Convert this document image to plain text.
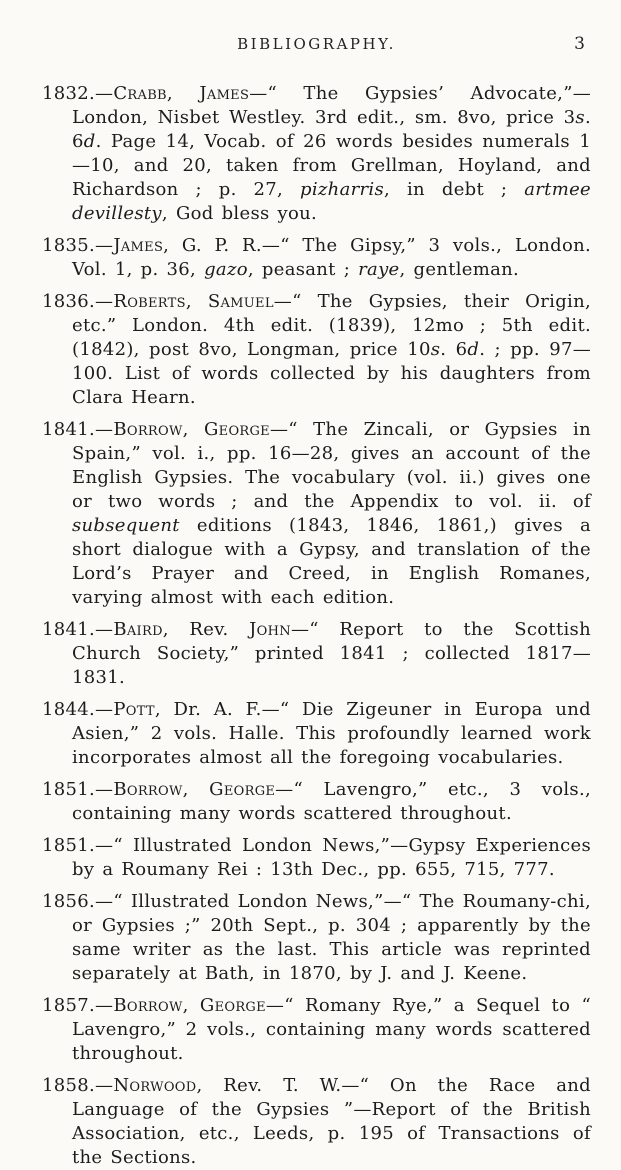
BIBLIOGRAPHY.	3

1832.—Crabb, James—“ The Gypsies’ Advocate,”—London, Nisbet Westley. 3rd edit., sm. 8vo, price 3s. 6d. Page 14, Vocab. of 26 words besides numerals 1—10, and 20, taken from Grellman, Hoyland, and Richardson ; p. 27, pizharris, in debt ; artmee devillesty, God bless you.

1835.—James, G. P. R.—“ The Gipsy,” 3 vols., London. Vol. 1, p. 36, gazo, peasant ; raye, gentleman.

1836.—Roberts, Samuel—“ The Gypsies, their Origin, etc.” London. 4th edit. (1839), 12mo ; 5th edit. (1842), post 8vo, Longman, price 10s. 6d. ; pp. 97—100. List of words collected by his daughters from Clara Hearn.

1841.—Borrow, George—“ The Zincali, or Gypsies in Spain,” vol. i., pp. 16—28, gives an account of the English Gypsies. The vocabulary (vol. ii.) gives one or two words ; and the Appendix to vol. ii. of subsequent editions (1843, 1846, 1861,) gives a short dialogue with a Gypsy, and translation of the Lord’s Prayer and Creed, in English Romanes, varying almost with each edition.

1841.—Baird, Rev. John—“ Report to the Scottish Church Society,” printed 1841 ; collected 1817—1831.

1844.—Pott, Dr. A. F.—“ Die Zigeuner in Europa und Asien,” 2 vols. Halle. This profoundly learned work incorporates almost all the foregoing vocabularies.

1851.—Borrow, George—“ Lavengro,” etc., 3 vols., containing many words scattered throughout.

1851.—“ Illustrated London News,”—Gypsy Experiences by a Roumany Rei : 13th Dec., pp. 655, 715, 777.

1856.—“ Illustrated London News,”—“ The Roumany-chi, or Gypsies ;” 20th Sept., p. 304 ; apparently by the same writer as the last. This article was reprinted separately at Bath, in 1870, by J. and J. Keene.

1857.—Borrow, George—“ Romany Rye,” a Sequel to “ Lavengro,” 2 vols., containing many words scattered throughout.

1858.—Norwood, Rev. T. W.—“ On the Race and Language of the Gypsies ”—Report of the British Association, etc., Leeds, p. 195 of Transactions of the Sections.
